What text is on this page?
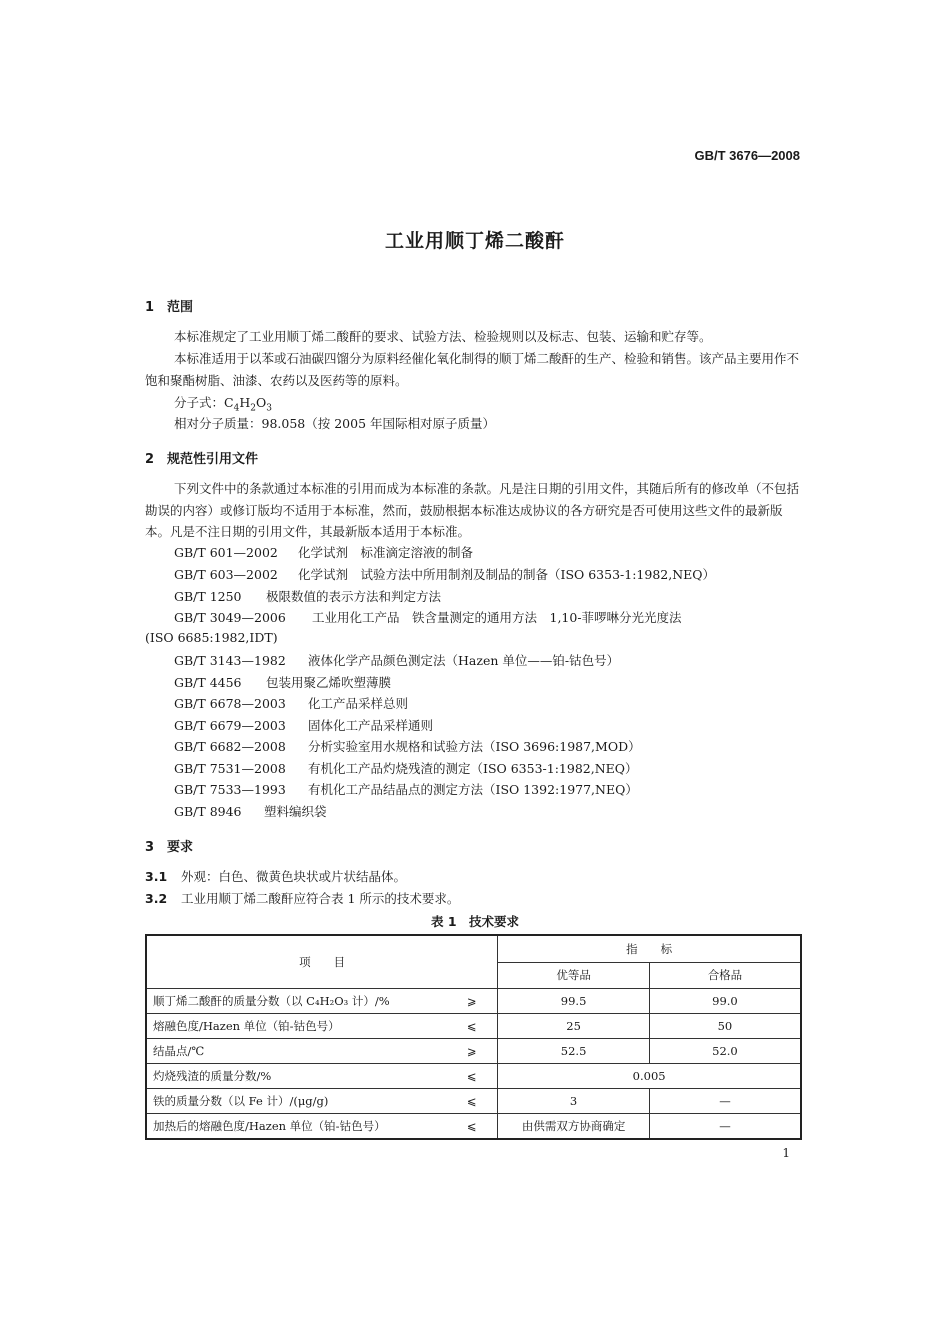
GB/T 3676—2008
工业用顺丁烯二酸酐
1 范围
本标准规定了工业用顺丁烯二酸酐的要求、试验方法、检验规则以及标志、包装、运输和贮存等。
本标准适用于以苯或石油碳四馏分为原料经催化氧化制得的顺丁烯二酸酐的生产、检验和销售。该产品主要用作不饱和聚酯树脂、油漆、农药以及医药等的原料。
分子式：$C_4H_2O_3$
相对分子质量：98.058（按 2005 年国际相对原子质量）
2 规范性引用文件
下列文件中的条款通过本标准的引用而成为本标准的条款。凡是注日期的引用文件，其随后所有的修改单（不包括勘误的内容）或修订版均不适用于本标准，然而，鼓励根据本标准达成协议的各方研究是否可使用这些文件的最新版本。凡是不注日期的引用文件，其最新版本适用于本标准。
GB/T 601—2002 化学试剂　标准滴定溶液的制备
GB/T 603—2002 化学试剂　试验方法中所用制剂及制品的制备（ISO 6353-1:1982,NEQ）
GB/T 1250 极限数值的表示方法和判定方法
GB/T 3049—2006 工业用化工产品　铁含量测定的通用方法　1,10-菲啰啉分光光度法
(ISO 6685:1982,IDT)
GB/T 3143—1982 液体化学产品颜色测定法（Hazen 单位——铂-钴色号）
GB/T 4456 包装用聚乙烯吹塑薄膜
GB/T 6678—2003 化工产品采样总则
GB/T 6679—2003 固体化工产品采样通则
GB/T 6682—2008 分析实验室用水规格和试验方法（ISO 3696:1987,MOD）
GB/T 7531—2008 有机化工产品灼烧残渣的测定（ISO 6353-1:1982,NEQ）
GB/T 7533—1993 有机化工产品结晶点的测定方法（ISO 1392:1977,NEQ）
GB/T 8946 塑料编织袋
3 要求
3.1 外观：白色、微黄色块状或片状结晶体。
3.2 工业用顺丁烯二酸酐应符合表 1 所示的技术要求。
表 1　技术要求
项　　目		指　　标	
		优等品	合格品
顺丁烯二酸酐的质量分数（以 C₄H₂O₃ 计）/%	⩾	99.5	99.0
熔融色度/Hazen 单位（铂-钴色号）	⩽	25	50
结晶点/℃	⩾	52.5	52.0
灼烧残渣的质量分数/%	⩽	0.005	
铁的质量分数（以 Fe 计）/(μg/g)	⩽	3	—
加热后的熔融色度/Hazen 单位（铂-钴色号）	⩽	由供需双方协商确定	—
1
